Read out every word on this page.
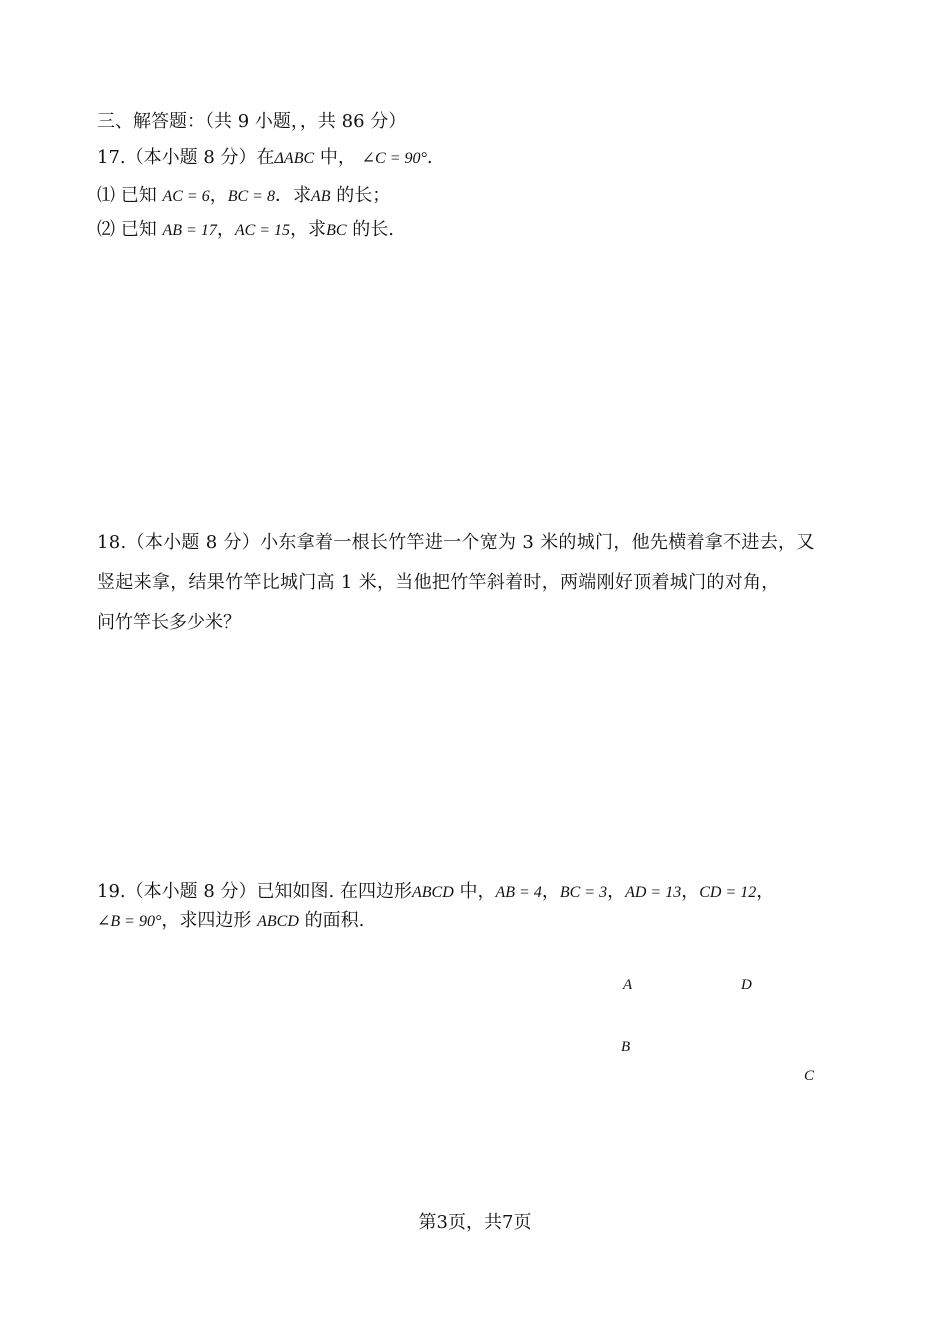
三、解答题：（共 9 小题，，共 86 分）
17.（本小题 8 分）在ΔABC 中， ∠C = 90°.
⑴ 已知 AC = 6，BC = 8．求AB 的长；
⑵ 已知 AB = 17，AC = 15，求BC 的长.
18.（本小题 8 分）小东拿着一根长竹竿进一个宽为 3 米的城门，他先横着拿不进去，又
竖起来拿，结果竹竿比城门高 1 米，当他把竹竿斜着时，两端刚好顶着城门的对角，
问竹竿长多少米？
19.（本小题 8 分）已知如图. 在四边形ABCD 中，AB = 4，BC = 3，AD = 13，CD = 12，
∠B = 90°，求四边形 ABCD 的面积.
A	D
B
C
第3页，共7页
